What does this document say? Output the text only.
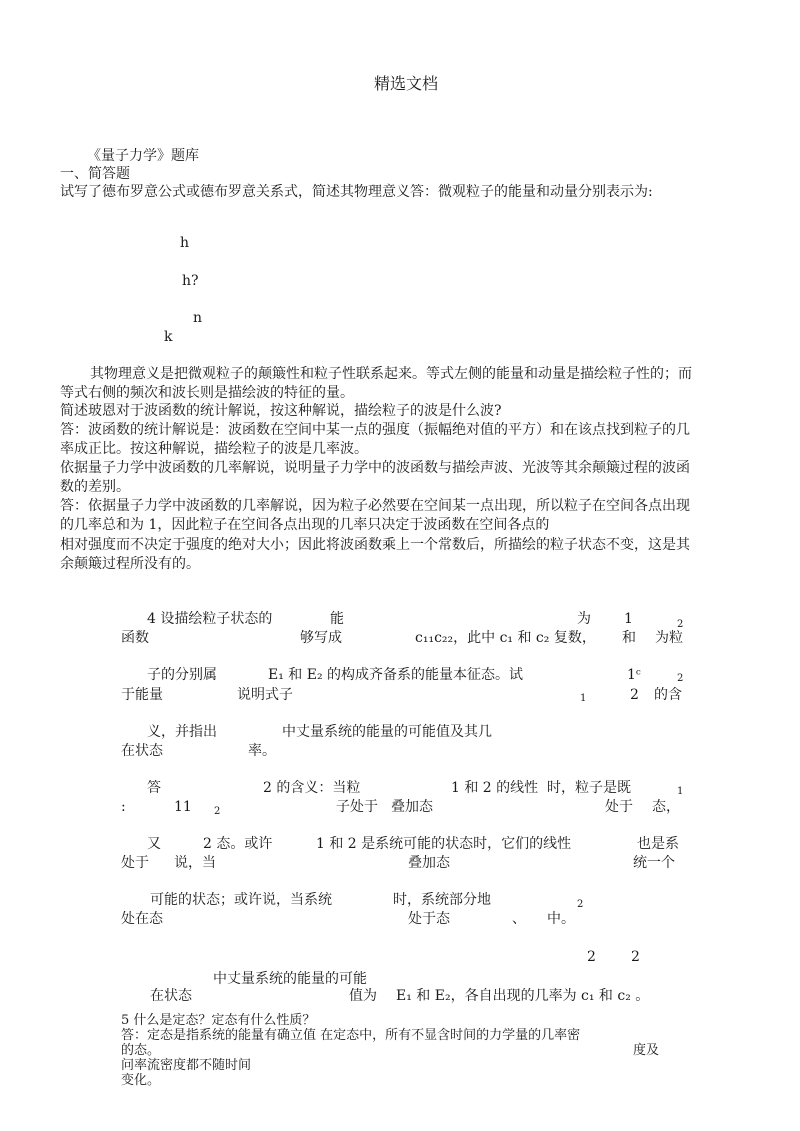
精选文档
《量子力学》题库
一、简答题
试写了德布罗意公式或德布罗意关系式，简述其物理意义答：微观粒子的能量和动量分别表示为:
h
h?
n
k
其物理意义是把微观粒子的颠簸性和粒子性联系起来。等式左侧的能量和动量是描绘粒子性的；而
等式右侧的频次和波长则是描绘波的特征的量。
简述玻恩对于波函数的统计解说，按这种解说，描绘粒子的波是什么波?
答：波函数的统计解说是：波函数在空间中某一点的强度（振幅绝对值的平方）和在该点找到粒子的几
率成正比。按这种解说，描绘粒子的波是几率波。
依据量子力学中波函数的几率解说，说明量子力学中的波函数与描绘声波、光波等其余颠簸过程的波函
数的差别。
答：依据量子力学中波函数的几率解说，因为粒子必然要在空间某一点出现，所以粒子在空间各点出现
的几率总和为 1，因此粒子在空间各点出现的几率只决定于波函数在空间各点的
相对强度而不决定于强度的绝对大小；因此将波函数乘上一个常数后，所描绘的粒子状态不变，这是其
余颠簸过程所没有的。
4 设描绘粒子状态的	能	为 1	2
函数	够写成	c₁₁c₂₂，此中 c₁ 和 c₂ 复数， 和 为粒
子的分别属	E₁ 和 E₂ 的构成齐备系的能量本征态。试	1ᶜ	2
于能量	说明式子	1	2 的含
义，并指出	中丈量系统的能量的可能值及其几
在状态	率。
答	2 的含义：当粒	1 和 2 的线性 时，粒子是既	1
:	11 2	子处于 叠加态	处于 态，
又	2 态。或许	1 和 2 是系统可能的状态时，它们的线性	也是系
处于 说，当	叠加态	统一个
可能的状态；或许说，当系统	时，系统部分地	2
处在态	处于态	、 中。
2	2
中丈量系统的能量的可能
在状态	值为 E₁ 和 E₂，各自出现的几率为 c₁ 和 c₂ 。
5 什么是定态？定态有什么性质？
答：定态是指系统的能量有确立值 在定态中，所有不显含时间的力学量的几率密
的态。	度及
问率流密度都不随时间
变化。
